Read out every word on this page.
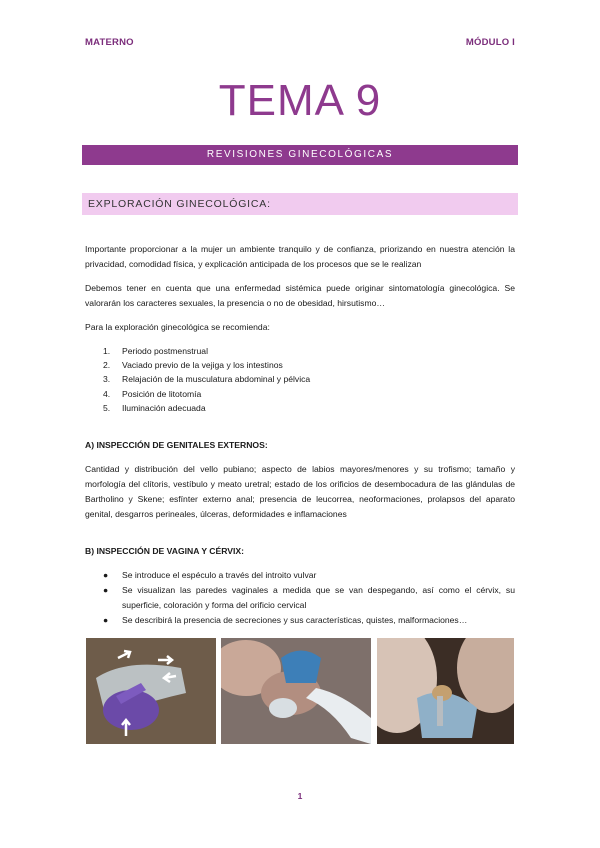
MATERNO	MÓDULO I
TEMA 9
REVISIONES GINECOLÓGICAS
EXPLORACIÓN GINECOLÓGICA:

Importante proporcionar a la mujer un ambiente tranquilo y de confianza, priorizando en nuestra atención la privacidad, comodidad física, y explicación anticipada de los procesos que se le realizan

Debemos tener en cuenta que una enfermedad sistémica puede originar sintomatología ginecológica. Se valorarán los caracteres sexuales, la presencia o no de obesidad, hirsutismo…

Para la exploración ginecológica se recomienda:

1. Periodo postmenstrual
2. Vaciado previo de la vejiga y los intestinos
3. Relajación de la musculatura abdominal y pélvica
4. Posición de litotomía
5. Iluminación adecuada
A) INSPECCIÓN DE GENITALES EXTERNOS:

Cantidad y distribución del vello pubiano; aspecto de labios mayores/menores y su trofismo; tamaño y morfología del clítoris, vestíbulo y meato uretral; estado de los orificios de desembocadura de las glándulas de Bartholino y Skene; esfínter externo anal; presencia de leucorrea, neoformaciones, prolapsos del aparato genital, desgarros perineales, úlceras, deformidades e inflamaciones

B) INSPECCIÓN DE VAGINA Y CÉRVIX:
● Se introduce el espéculo a través del introito vulvar
● Se visualizan las paredes vaginales a medida que se van despegando, así como el cérvix, su superficie, coloración y forma del orificio cervical
● Se describirá la presencia de secreciones y sus características, quistes, malformaciones…
1
